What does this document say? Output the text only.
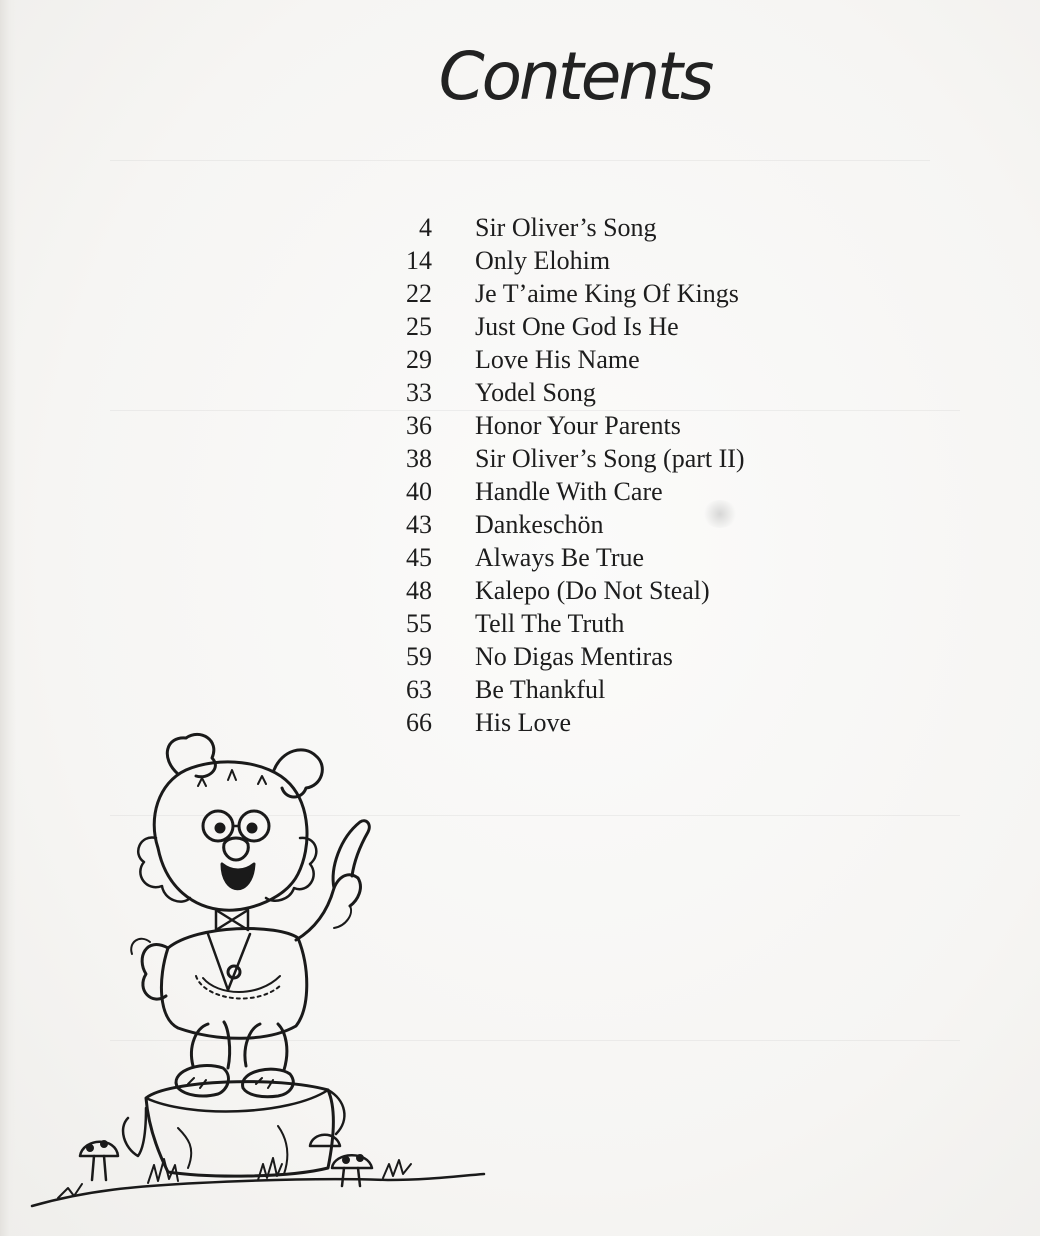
Contents
4 Sir Oliver’s Song
14 Only Elohim
22 Je T’aime King Of Kings
25 Just One God Is He
29 Love His Name
33 Yodel Song
36 Honor Your Parents
38 Sir Oliver’s Song (part II)
40 Handle With Care
43 Dankeschön
45 Always Be True
48 Kalepo (Do Not Steal)
55 Tell The Truth
59 No Digas Mentiras
63 Be Thankful
66 His Love
